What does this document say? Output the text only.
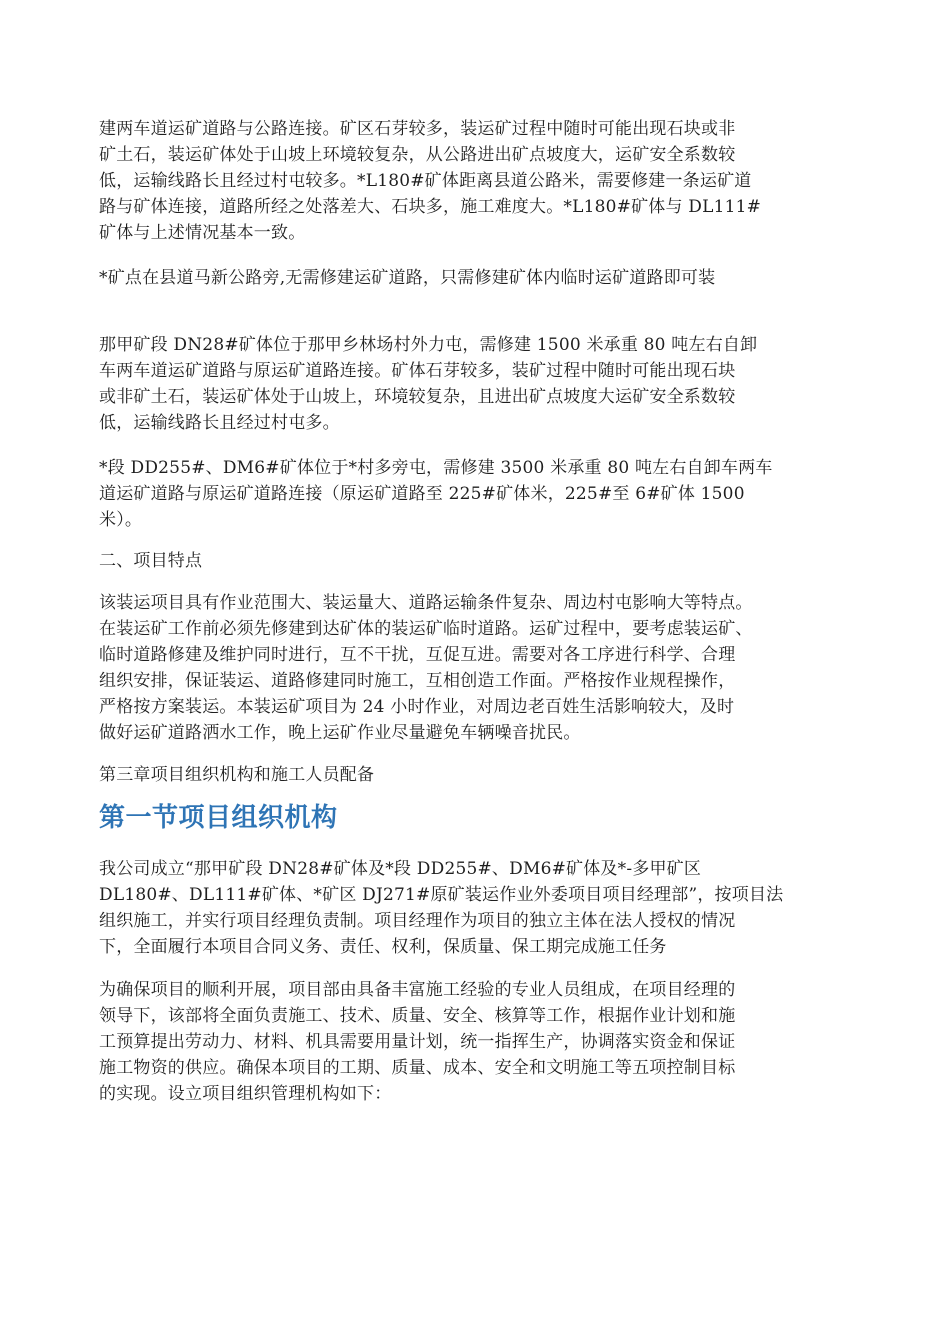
建两车道运矿道路与公路连接。矿区石芽较多，装运矿过程中随时可能出现石块或非
矿土石，装运矿体处于山坡上环境较复杂，从公路进出矿点坡度大，运矿安全系数较
低，运输线路长且经过村屯较多。*L180#矿体距离县道公路米，需要修建一条运矿道
路与矿体连接，道路所经之处落差大、石块多，施工难度大。*L180#矿体与 DL111#
矿体与上述情况基本一致。
*矿点在县道马新公路旁,无需修建运矿道路，只需修建矿体内临时运矿道路即可装
那甲矿段 DN28#矿体位于那甲乡林场村外力屯，需修建 1500 米承重 80 吨左右自卸
车两车道运矿道路与原运矿道路连接。矿体石芽较多，装矿过程中随时可能出现石块
或非矿土石，装运矿体处于山坡上，环境较复杂，且进出矿点坡度大运矿安全系数较
低，运输线路长且经过村屯多。
*段 DD255#、DM6#矿体位于*村多旁屯，需修建 3500 米承重 80 吨左右自卸车两车
道运矿道路与原运矿道路连接（原运矿道路至 225#矿体米，225#至 6#矿体 1500
米）。
二、项目特点
该装运项目具有作业范围大、装运量大、道路运输条件复杂、周边村屯影响大等特点。
在装运矿工作前必须先修建到达矿体的装运矿临时道路。运矿过程中，要考虑装运矿、
临时道路修建及维护同时进行，互不干扰，互促互进。需要对各工序进行科学、合理
组织安排，保证装运、道路修建同时施工，互相创造工作面。严格按作业规程操作，
严格按方案装运。本装运矿项目为 24 小时作业，对周边老百姓生活影响较大，及时
做好运矿道路洒水工作，晚上运矿作业尽量避免车辆噪音扰民。
第三章项目组织机构和施工人员配备
第一节项目组织机构
我公司成立“那甲矿段 DN28#矿体及*段 DD255#、DM6#矿体及*-多甲矿区
DL180#、DL111#矿体、*矿区 DJ271#原矿装运作业外委项目项目经理部”，按项目法
组织施工，并实行项目经理负责制。项目经理作为项目的独立主体在法人授权的情况
下，全面履行本项目合同义务、责任、权利，保质量、保工期完成施工任务
为确保项目的顺利开展，项目部由具备丰富施工经验的专业人员组成，在项目经理的
领导下，该部将全面负责施工、技术、质量、安全、核算等工作，根据作业计划和施
工预算提出劳动力、材料、机具需要用量计划，统一指挥生产，协调落实资金和保证
施工物资的供应。确保本项目的工期、质量、成本、安全和文明施工等五项控制目标
的实现。设立项目组织管理机构如下：
